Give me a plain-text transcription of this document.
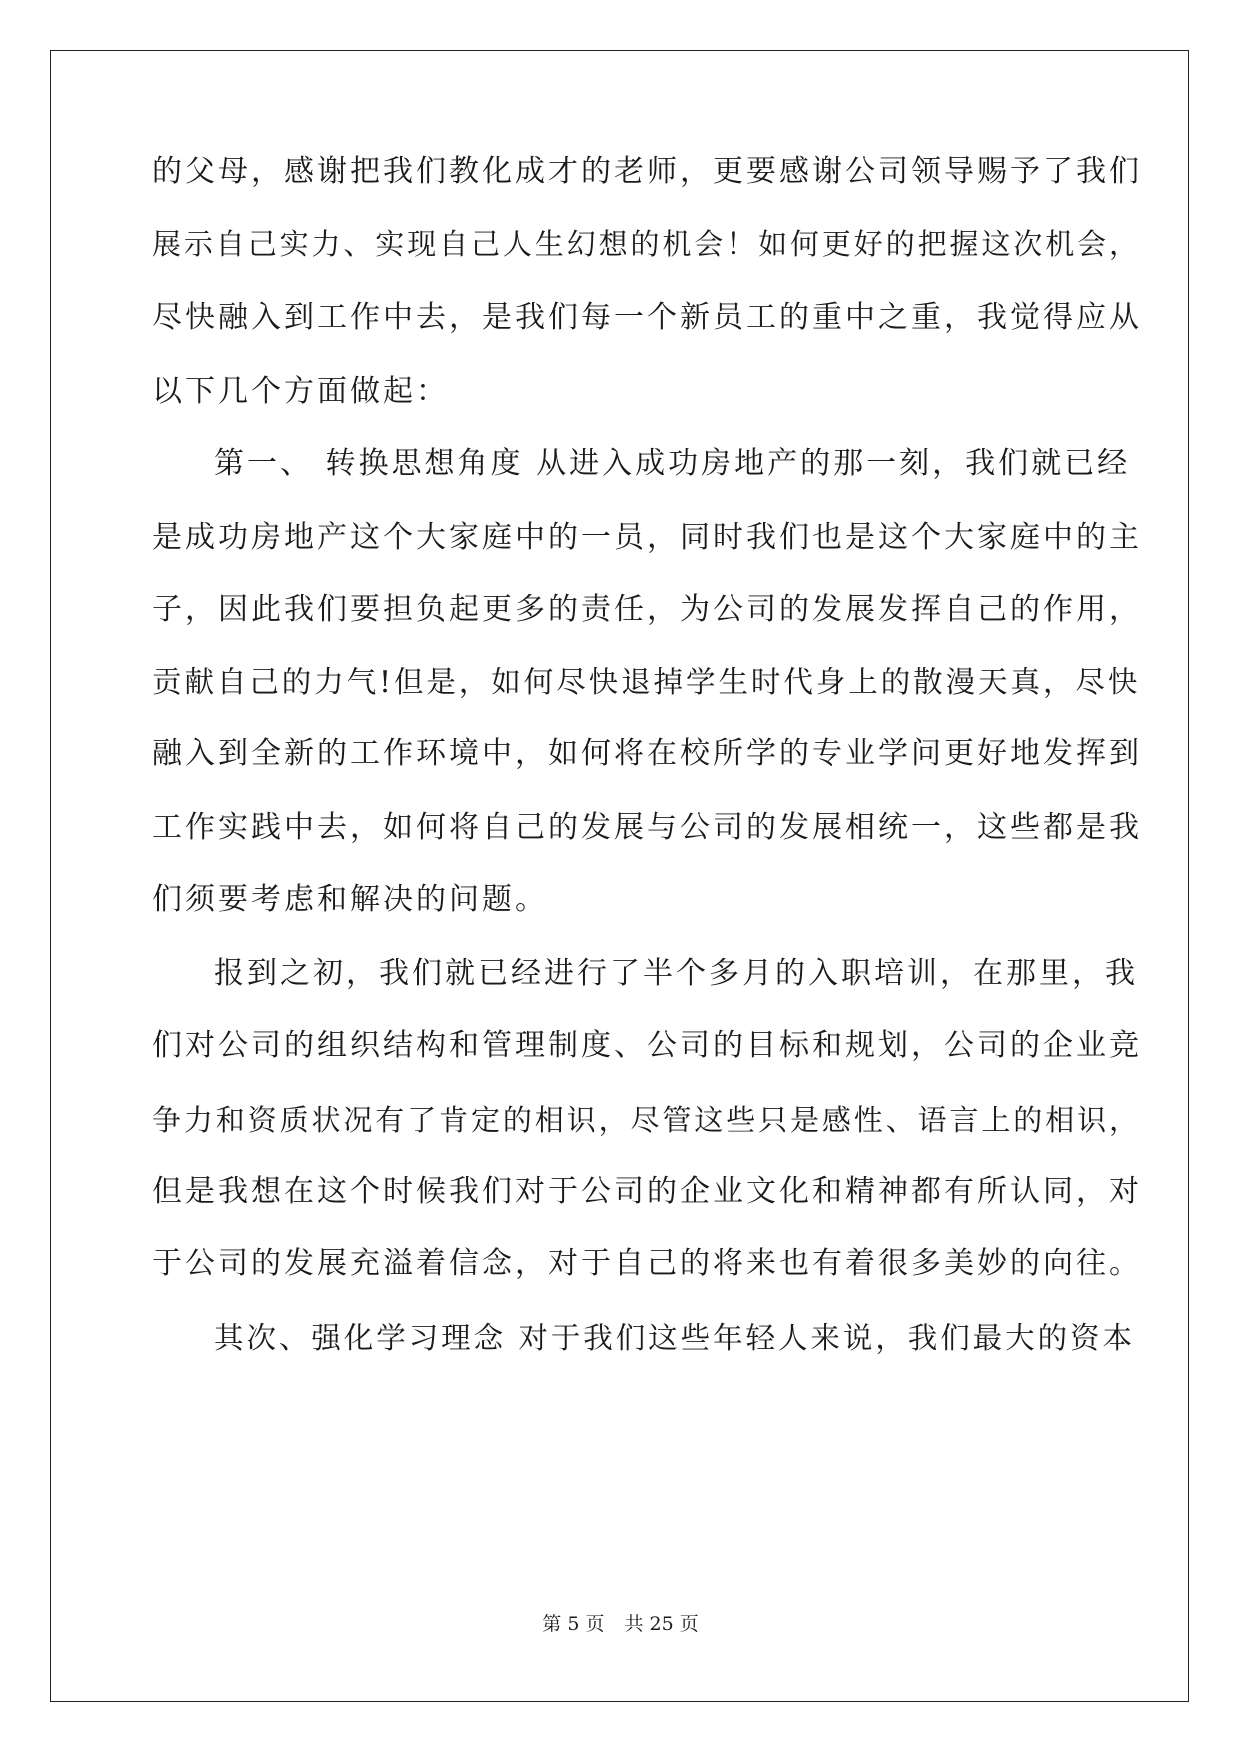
的父母，感谢把我们教化成才的老师，更要感谢公司领导赐予了我们
展示自己实力、实现自己人生幻想的机会！如何更好的把握这次机会，
尽快融入到工作中去，是我们每一个新员工的重中之重，我觉得应从
以下几个方面做起：
第一、 转换思想角度 从进入成功房地产的那一刻，我们就已经
是成功房地产这个大家庭中的一员，同时我们也是这个大家庭中的主
子，因此我们要担负起更多的责任，为公司的发展发挥自己的作用，
贡献自己的力气!但是，如何尽快退掉学生时代身上的散漫天真，尽快
融入到全新的工作环境中，如何将在校所学的专业学问更好地发挥到
工作实践中去，如何将自己的发展与公司的发展相统一，这些都是我
们须要考虑和解决的问题。
报到之初，我们就已经进行了半个多月的入职培训，在那里，我
们对公司的组织结构和管理制度、公司的目标和规划，公司的企业竞
争力和资质状况有了肯定的相识，尽管这些只是感性、语言上的相识，
但是我想在这个时候我们对于公司的企业文化和精神都有所认同，对
于公司的发展充溢着信念，对于自己的将来也有着很多美妙的向往。
其次、强化学习理念 对于我们这些年轻人来说，我们最大的资本
第 5 页 共 25 页
